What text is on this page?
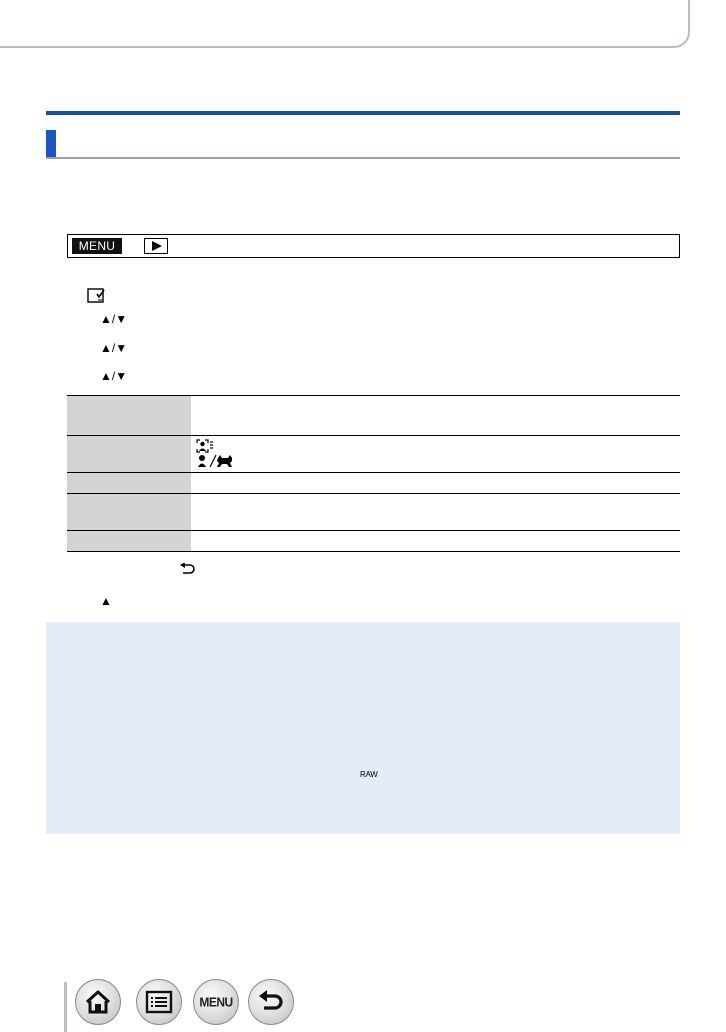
MENU
▲/▼
▲/▼
▲/▼

▲
RAW
MENU
